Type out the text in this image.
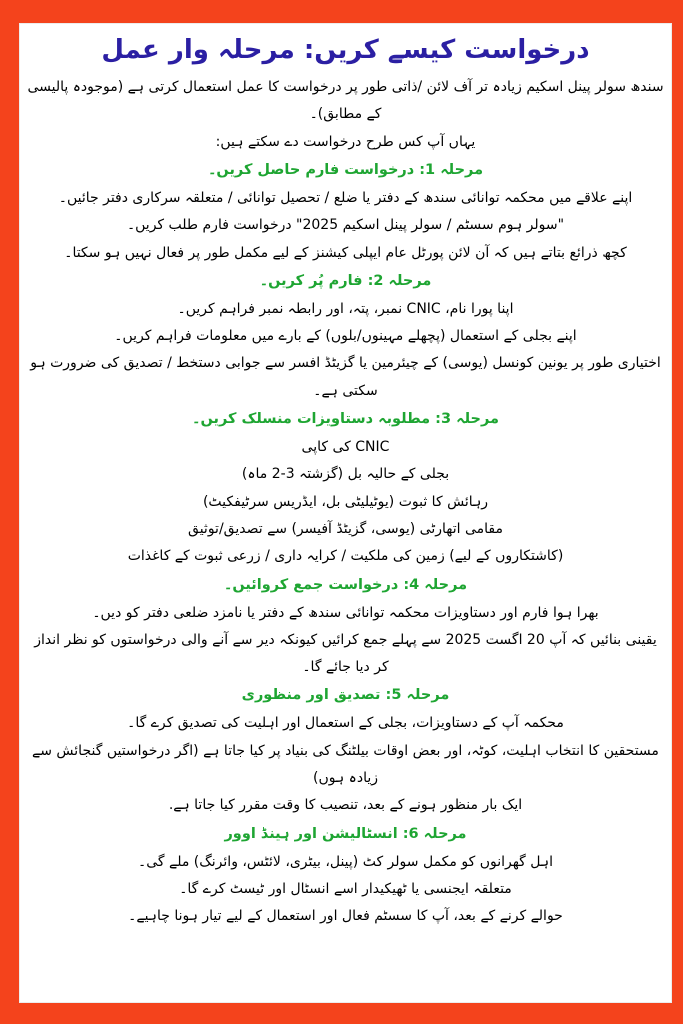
درخواست کیسے کریں: مرحلہ وار عمل
سندھ سولر پینل اسکیم زیادہ تر آف لائن /ذاتی طور پر درخواست کا عمل استعمال کرتی ہے (موجودہ پالیسی کے مطابق)۔
یہاں آپ کس طرح درخواست دے سکتے ہیں:
مرحلہ 1: درخواست فارم حاصل کریں۔
اپنے علاقے میں محکمہ توانائی سندھ کے دفتر یا ضلع / تحصیل توانائی / متعلقہ سرکاری دفتر جائیں۔
"سولر ہوم سسٹم / سولر پینل اسکیم 2025" درخواست فارم طلب کریں۔
کچھ ذرائع بتاتے ہیں کہ آن لائن پورٹل عام ایپلی کیشنز کے لیے مکمل طور پر فعال نہیں ہو سکتا۔
مرحلہ 2: فارم پُر کریں۔
اپنا پورا نام، CNIC نمبر، پتہ، اور رابطہ نمبر فراہم کریں۔
اپنے بجلی کے استعمال (پچھلے مہینوں/بلوں) کے بارے میں معلومات فراہم کریں۔
اختیاری طور پر یونین کونسل (یوسی) کے چیئرمین یا گزیٹڈ افسر سے جوابی دستخط / تصدیق کی ضرورت ہو سکتی ہے۔
مرحلہ 3: مطلوبہ دستاویزات منسلک کریں۔
CNIC کی کاپی
بجلی کے حالیہ بل (گزشتہ 3-2 ماہ)
رہائش کا ثبوت (یوٹیلیٹی بل، ایڈریس سرٹیفکیٹ)
مقامی اتھارٹی (یوسی، گزیٹڈ آفیسر) سے تصدیق/توثیق
(کاشتکاروں کے لیے) زمین کی ملکیت / کرایہ داری / زرعی ثبوت کے کاغذات
مرحلہ 4: درخواست جمع کروائیں۔
بھرا ہوا فارم اور دستاویزات محکمہ توانائی سندھ کے دفتر یا نامزد ضلعی دفتر کو دیں۔
یقینی بنائیں کہ آپ 20 اگست 2025 سے پہلے جمع کرائیں کیونکہ دیر سے آنے والی درخواستوں کو نظر انداز کر دیا جائے گا۔
مرحلہ 5: تصدیق اور منظوری
محکمہ آپ کے دستاویزات، بجلی کے استعمال اور اہلیت کی تصدیق کرے گا۔
مستحقین کا انتخاب اہلیت، کوٹہ، اور بعض اوقات بیلٹنگ کی بنیاد پر کیا جاتا ہے (اگر درخواستیں گنجائش سے زیادہ ہوں)
ایک بار منظور ہونے کے بعد، تنصیب کا وقت مقرر کیا جاتا ہے.
مرحلہ 6: انسٹالیشن اور ہینڈ اوور
اہل گھرانوں کو مکمل سولر کٹ (پینل، بیٹری، لائٹس، وائرنگ) ملے گی۔
متعلقہ ایجنسی یا ٹھیکیدار اسے انسٹال اور ٹیسٹ کرے گا۔
حوالے کرنے کے بعد، آپ کا سسٹم فعال اور استعمال کے لیے تیار ہونا چاہیے۔
